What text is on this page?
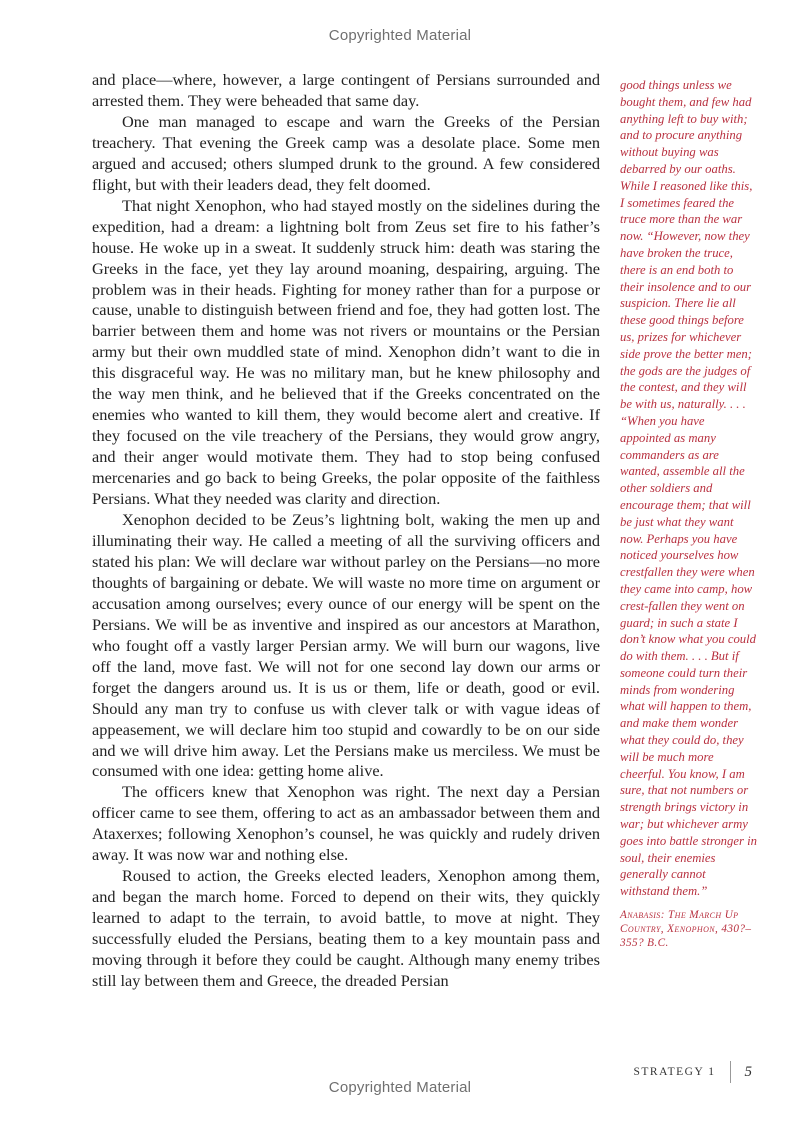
Copyrighted Material

and place—where, however, a large contingent of Persians surrounded and arrested them. They were beheaded that same day.

One man managed to escape and warn the Greeks of the Persian treachery. That evening the Greek camp was a desolate place. Some men argued and accused; others slumped drunk to the ground. A few considered flight, but with their leaders dead, they felt doomed.

That night Xenophon, who had stayed mostly on the sidelines during the expedition, had a dream: a lightning bolt from Zeus set fire to his father’s house. He woke up in a sweat. It suddenly struck him: death was staring the Greeks in the face, yet they lay around moaning, despairing, arguing. The problem was in their heads. Fighting for money rather than for a purpose or cause, unable to distinguish between friend and foe, they had gotten lost. The barrier between them and home was not rivers or mountains or the Persian army but their own muddled state of mind. Xenophon didn’t want to die in this disgraceful way. He was no military man, but he knew philosophy and the way men think, and he believed that if the Greeks concentrated on the enemies who wanted to kill them, they would become alert and creative. If they focused on the vile treachery of the Persians, they would grow angry, and their anger would motivate them. They had to stop being confused mercenaries and go back to being Greeks, the polar opposite of the faithless Persians. What they needed was clarity and direction.

Xenophon decided to be Zeus’s lightning bolt, waking the men up and illuminating their way. He called a meeting of all the surviving officers and stated his plan: We will declare war without parley on the Persians—no more thoughts of bargaining or debate. We will waste no more time on argument or accusation among ourselves; every ounce of our energy will be spent on the Persians. We will be as inventive and inspired as our ancestors at Marathon, who fought off a vastly larger Persian army. We will burn our wagons, live off the land, move fast. We will not for one second lay down our arms or forget the dangers around us. It is us or them, life or death, good or evil. Should any man try to confuse us with clever talk or with vague ideas of appeasement, we will declare him too stupid and cowardly to be on our side and we will drive him away. Let the Persians make us merciless. We must be consumed with one idea: getting home alive.

The officers knew that Xenophon was right. The next day a Persian officer came to see them, offering to act as an ambassador between them and Ataxerxes; following Xenophon’s counsel, he was quickly and rudely driven away. It was now war and nothing else.

Roused to action, the Greeks elected leaders, Xenophon among them, and began the march home. Forced to depend on their wits, they quickly learned to adapt to the terrain, to avoid battle, to move at night. They successfully eluded the Persians, beating them to a key mountain pass and moving through it before they could be caught. Although many enemy tribes still lay between them and Greece, the dreaded Persian

good things unless we bought them, and few had anything left to buy with; and to procure anything without buying was debarred by our oaths. While I reasoned like this, I sometimes feared the truce more than the war now. “However, now they have broken the truce, there is an end both to their insolence and to our suspicion. There lie all these good things before us, prizes for whichever side prove the better men; the gods are the judges of the contest, and they will be with us, naturally. . . . “When you have appointed as many commanders as are wanted, assemble all the other soldiers and encourage them; that will be just what they want now. Perhaps you have noticed yourselves how crestfallen they were when they came into camp, how crest-fallen they went on guard; in such a state I don’t know what you could do with them. . . . But if someone could turn their minds from wondering what will happen to them, and make them wonder what they could do, they will be much more cheerful. You know, I am sure, that not numbers or strength brings victory in war; but whichever army goes into battle stronger in soul, their enemies generally cannot withstand them.”

Anabasis: The March Up Country, Xenophon, 430?–355? B.C.

STRATEGY 1 5
Copyrighted Material
